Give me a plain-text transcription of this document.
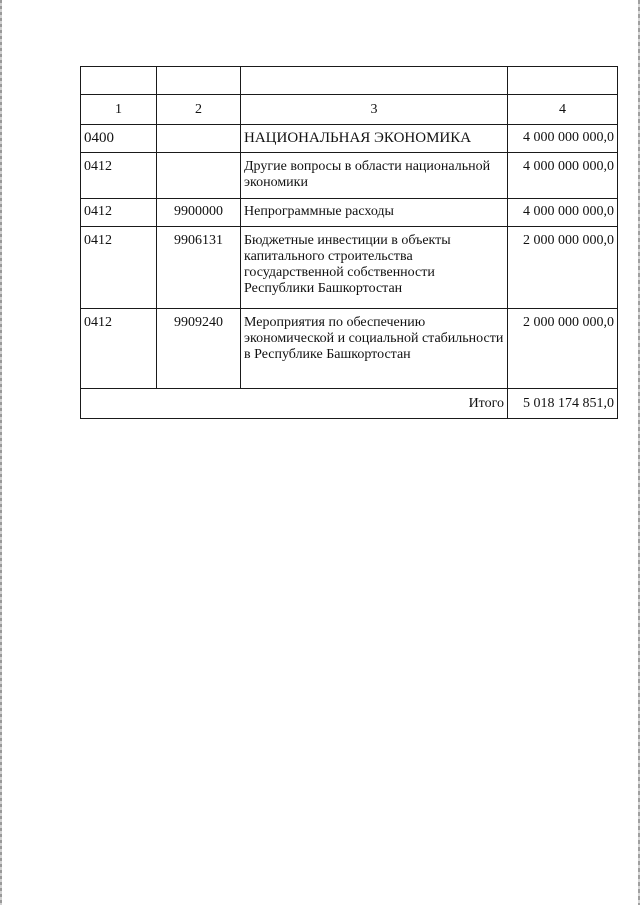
1	2	3	4
0400		НАЦИОНАЛЬНАЯ ЭКОНОМИКА	4 000 000 000,0
0412		Другие вопросы в области национальной экономики	4 000 000 000,0
0412	9900000	Непрограммные расходы	4 000 000 000,0
0412	9906131	Бюджетные инвестиции в объекты капитального строительства государственной собственности Республики Башкортостан	2 000 000 000,0
0412	9909240	Мероприятия по обеспечению экономической и социальной стабильности в Республике Башкортостан	2 000 000 000,0
Итого			5 018 174 851,0
